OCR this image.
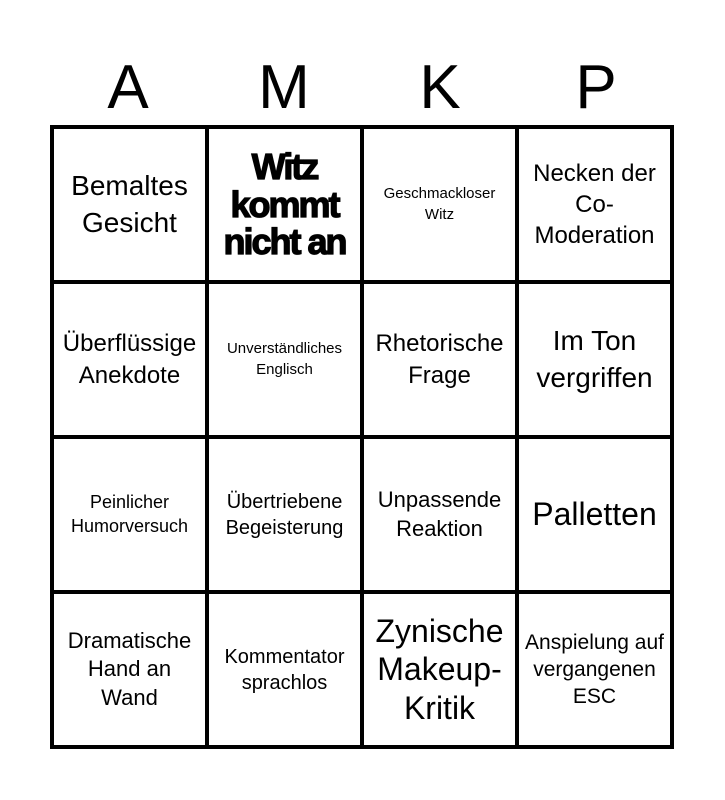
A	M	K	P
Bemaltes Gesicht
Witz kommt nicht an
Geschmackloser Witz
Necken der Co-Moderation
Überflüssige Anekdote
Unverständliches Englisch
Rhetorische Frage
Im Ton vergriffen
Peinlicher Humorversuch
Übertriebene Begeisterung
Unpassende Reaktion	Palletten
Dramatische Hand an Wand
Kommentator sprachlos
Zynische Makeup-Kritik
Anspielung auf vergangenen ESC
